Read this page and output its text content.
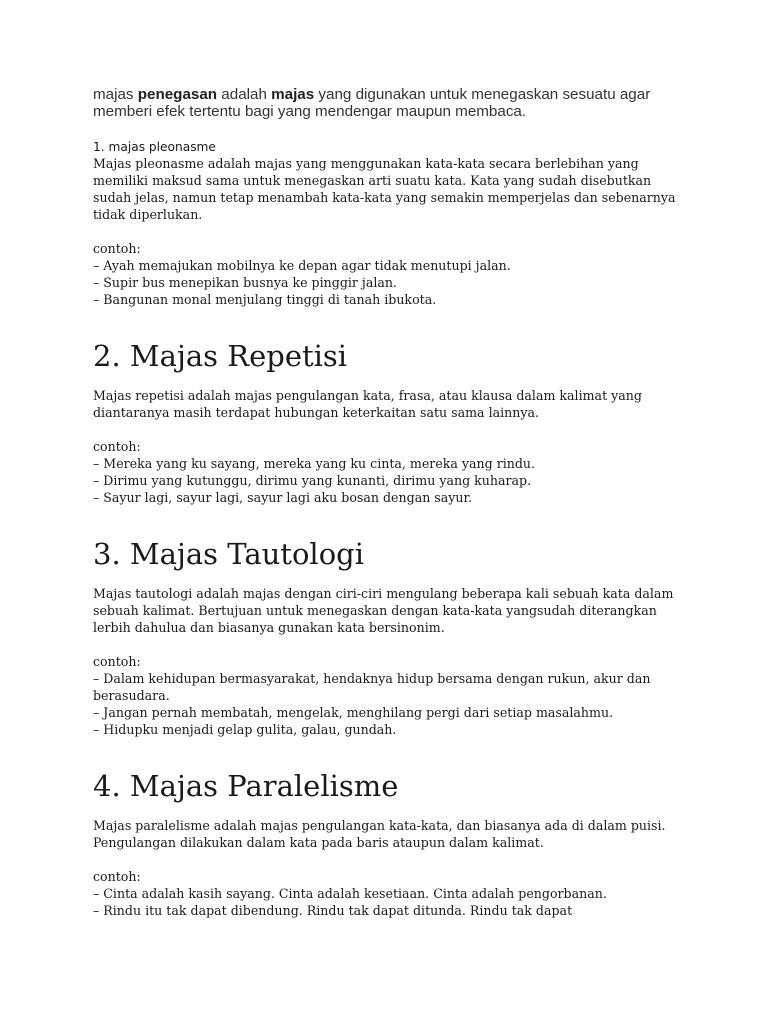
majas penegasan adalah majas yang digunakan untuk menegaskan sesuatu agar memberi efek tertentu bagi yang mendengar maupun membaca.

1. majas pleonasme

Majas pleonasme adalah majas yang menggunakan kata-kata secara berlebihan yang memiliki maksud sama untuk menegaskan arti suatu kata. Kata yang sudah disebutkan sudah jelas, namun tetap menambah kata-kata yang semakin memperjelas dan sebenarnya tidak diperlukan.

contoh:

– Ayah memajukan mobilnya ke depan agar tidak menutupi jalan.
– Supir bus menepikan busnya ke pinggir jalan.
– Bangunan monal menjulang tinggi di tanah ibukota.
2. Majas Repetisi

Majas repetisi adalah majas pengulangan kata, frasa, atau klausa dalam kalimat yang diantaranya masih terdapat hubungan keterkaitan satu sama lainnya.

contoh:

– Mereka yang ku sayang, mereka yang ku cinta, mereka yang rindu.
– Dirimu yang kutunggu, dirimu yang kunanti, dirimu yang kuharap.
– Sayur lagi, sayur lagi, sayur lagi aku bosan dengan sayur.
3. Majas Tautologi

Majas tautologi adalah majas dengan ciri-ciri mengulang beberapa kali sebuah kata dalam sebuah kalimat. Bertujuan untuk menegaskan dengan kata-kata yangsudah diterangkan lerbih dahulua dan biasanya gunakan kata bersinonim.

contoh:

– Dalam kehidupan bermasyarakat, hendaknya hidup bersama dengan rukun, akur dan berasudara.
– Jangan pernah membatah, mengelak, menghilang pergi dari setiap masalahmu.
– Hidupku menjadi gelap gulita, galau, gundah.
4. Majas Paralelisme

Majas paralelisme adalah majas pengulangan kata-kata, dan biasanya ada di dalam puisi. Pengulangan dilakukan dalam kata pada baris ataupun dalam kalimat.

contoh:

– Cinta adalah kasih sayang. Cinta adalah kesetiaan. Cinta adalah pengorbanan.
– Rindu itu tak dapat dibendung. Rindu tak dapat ditunda. Rindu tak dapat
